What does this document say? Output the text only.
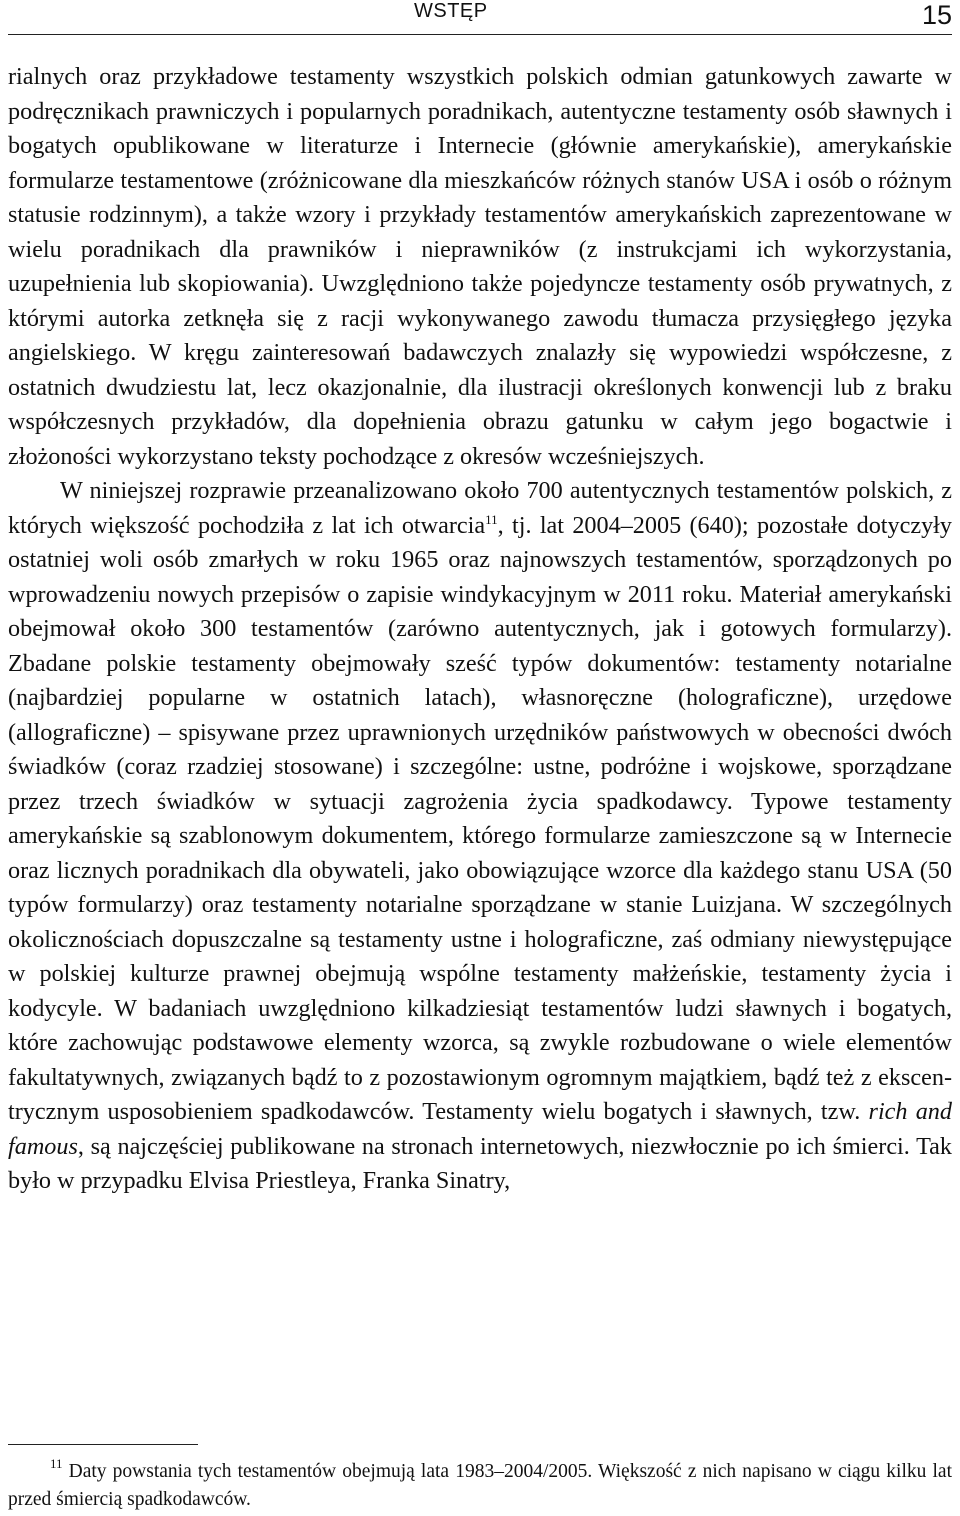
WSTĘP	15

rialnych oraz przykładowe testamenty wszystkich polskich odmian gatunkowych zawarte w podręcznikach prawniczych i popularnych poradnikach, autentyczne testamenty osób sławnych i bogatych opublikowane w literaturze i Internecie (głównie amerykańskie), amerykańskie formularze testamentowe (zróżnicowane dla mieszkańców różnych stanów USA i osób o różnym statusie rodzinnym), a także wzory i przykłady testamentów amerykańskich zaprezentowane w wielu poradnikach dla prawników i nieprawników (z instrukcjami ich wykorzystania, uzupełnienia lub skopiowania). Uwzględniono także pojedyncze testamenty osób prywatnych, z którymi autorka zetknęła się z racji wykonywanego zawodu tłumacza przysięgłego języka angielskiego. W kręgu zainteresowań badawczych znalazły się wypowiedzi współczesne, z ostatnich dwudziestu lat, lecz okazjonalnie, dla ilustracji określonych konwencji lub z braku współczesnych przykładów, dla dopełnienia obrazu gatunku w całym jego bogactwie i złożoności wykorzystano teksty pochodzące z okresów wcześniejszych.

W niniejszej rozprawie przeanalizowano około 700 autentycznych testamentów polskich, z których większość pochodziła z lat ich otwarcia$^{11}$, tj. lat 2004–2005 (640); pozostałe dotyczyły ostatniej woli osób zmarłych w roku 1965 oraz najnowszych testamentów, sporządzonych po wprowadzeniu nowych przepisów o zapisie windykacyjnym w 2011 roku. Materiał amerykański obejmował około 300 testamentów (zarówno autentycznych, jak i gotowych formularzy). Zbadane polskie testamenty obejmowały sześć typów dokumentów: testamenty notarialne (najbardziej popularne w ostatnich latach), własnoręczne (holograficzne), urzędowe (allograficzne) – spisywane przez uprawnionych urzędników państwowych w obecności dwóch świadków (coraz rzadziej stosowane) i szczególne: ustne, podróżne i wojskowe, sporządzane przez trzech świadków w sytuacji zagrożenia życia spadkodawcy. Typowe testamenty amerykańskie są szablonowym dokumentem, którego formularze zamieszczone są w Internecie oraz licznych poradnikach dla obywateli, jako obowiązujące wzorce dla każdego stanu USA (50 typów formularzy) oraz testamenty notarialne sporządzane w stanie Luizjana. W szczególnych okolicznościach dopuszczalne są testamenty ustne i holograficzne, zaś odmiany niewystępujące w polskiej kulturze prawnej obejmują wspólne testamenty małżeńskie, testamenty życia i kodycyle. W badaniach uwzględniono kilkadziesiąt testamentów ludzi sławnych i bogatych, które zachowując podstawowe elementy wzorca, są zwykle rozbudowane o wiele elementów fakultatywnych, związanych bądź to z pozostawionym ogromnym majątkiem, bądź też z ekscentrycznym usposobieniem spadkodawców. Testamenty wielu bogatych i sławnych, tzw. rich and famous, są najczęściej publikowane na stronach internetowych, niezwłocznie po ich śmierci. Tak było w przypadku Elvisa Priestleya, Franka Sinatry,

$^{11}$ Daty powstania tych testamentów obejmują lata 1983–2004/2005. Większość z nich napisano w ciągu kilku lat przed śmiercią spadkodawców.
